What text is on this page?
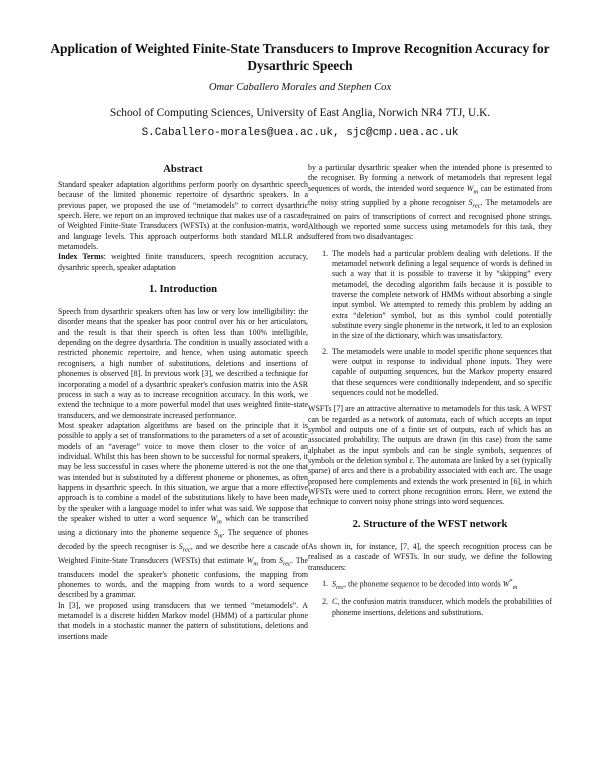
Application of Weighted Finite-State Transducers to Improve Recognition Accuracy for Dysarthric Speech

Omar Caballero Morales and Stephen Cox

School of Computing Sciences, University of East Anglia, Norwich NR4 7TJ, U.K.

S.Caballero-morales@uea.ac.uk, sjc@cmp.uea.ac.uk

Abstract

Standard speaker adaptation algorithms perform poorly on dysarthric speech because of the limited phonemic repertoire of dysarthric speakers. In a previous paper, we proposed the use of “metamodels” to correct dysarthric speech. Here, we report on an improved technique that makes use of a cascade of Weighted Finite-State Transducers (WFSTs) at the confusion-matrix, word and language levels. This approach outperforms both standard MLLR and metamodels.

Index Terms: weighted finite transducers, speech recognition accuracy, dysarthric speech, speaker adaptation

1. Introduction

Speech from dysarthric speakers often has low or very low intelligibility: the disorder means that the speaker has poor control over his or her articulators, and the result is that their speech is often less than 100% intelligible, depending on the degree dysarthria. The condition is usually associated with a restricted phonemic repertoire, and hence, when using automatic speech recognisers, a high number of substitutions, deletions and insertions of phonemes is observed [8]. In previous work [3], we described a technique for incorporating a model of a dysarthric speaker's confusion matrix into the ASR process in such a way as to increase recognition accuracy. In this work, we extend the technique to a more powerful model that uses weighted finite-state transducers, and we demonstrate increased performance.

Most speaker adaptation algorithms are based on the principle that it is possible to apply a set of transformations to the parameters of a set of acoustic models of an “average” voice to move them closer to the voice of an individual. Whilst this has been shown to be successful for normal speakers, it may be less successful in cases where the phoneme uttered is not the one that was intended but is substituted by a different phoneme or phonemes, as often happens in dysarthric speech. In this situation, we argue that a more effective approach is to combine a model of the substitutions likely to have been made by the speaker with a language model to infer what was said. We suppose that the speaker wished to utter a word sequence $W_m$ which can be transcribed using a dictionary into the phoneme sequence $S_m$. The sequence of phones decoded by the speech recogniser is $S_{rec}$, and we describe here a cascade of Weighted Finite-State Transducers (WFSTs) that estimate $W_m$ from $S_{rec}$. The transducers model the speaker's phonetic confusions, the mapping from phonemes to words, and the mapping from words to a word sequence described by a grammar.

In [3], we proposed using transducers that we termed “metamodels”. A metamodel is a discrete hidden Markov model (HMM) of a particular phone that models in a stochastic manner the pattern of substitutions, deletions and insertions made

by a particular dysarthric speaker when the intended phone is presented to the recogniser. By forming a network of metamodels that represent legal sequences of words, the intended word sequence $W_m$ can be estimated from the noisy string supplied by a phone recogniser $S_{rec}$. The metamodels are trained on pairs of transcriptions of correct and recognised phone strings. Although we reported some success using metamodels for this task, they suffered from two disadvantages:

1. The models had a particular problem dealing with deletions. If the metamodel network defining a legal sequence of words is defined in such a way that it is possible to traverse it by “skipping” every metamodel, the decoding algorithm fails because it is possible to traverse the complete network of HMMs without absorbing a single input symbol. We attempted to remedy this problem by adding an extra “deletion” symbol, but as this symbol could potentially substitute every single phoneme in the network, it led to an explosion in the size of the dictionary, which was unsatisfactory.
2. The metamodels were unable to model specific phone sequences that were output in response to individual phone inputs. They were capable of outputting sequences, but the Markov property ensured that these sequences were conditionally independent, and so specific sequences could not be modelled.

WSFTs [7] are an attractive alternative to metamodels for this task. A WFST can be regarded as a network of automata, each of which accepts an input symbol and outputs one of a finite set of outputs, each of which has an associated probability. The outputs are drawn (in this case) from the same alphabet as the input symbols and can be single symbols, sequences of symbols or the deletion symbol ε. The automata are linked by a set (typically sparse) of arcs and there is a probability associated with each arc. The usage proposed here complements and extends the work presented in [6], in which WFSTs were used to correct phone recognition errors. Here, we extend the technique to convert noisy phone strings into word sequences.

2. Structure of the WFST network

As shown in, for instance, [7, 4], the speech recognition process can be realised as a cascade of WFSTs. In our study, we define the following transducers:

1. $S_{rec}$, the phoneme sequence to be decoded into words $W^*_m$
2. C, the confusion matrix transducer, which models the probabilities of phoneme insertions, deletions and substitutions.
